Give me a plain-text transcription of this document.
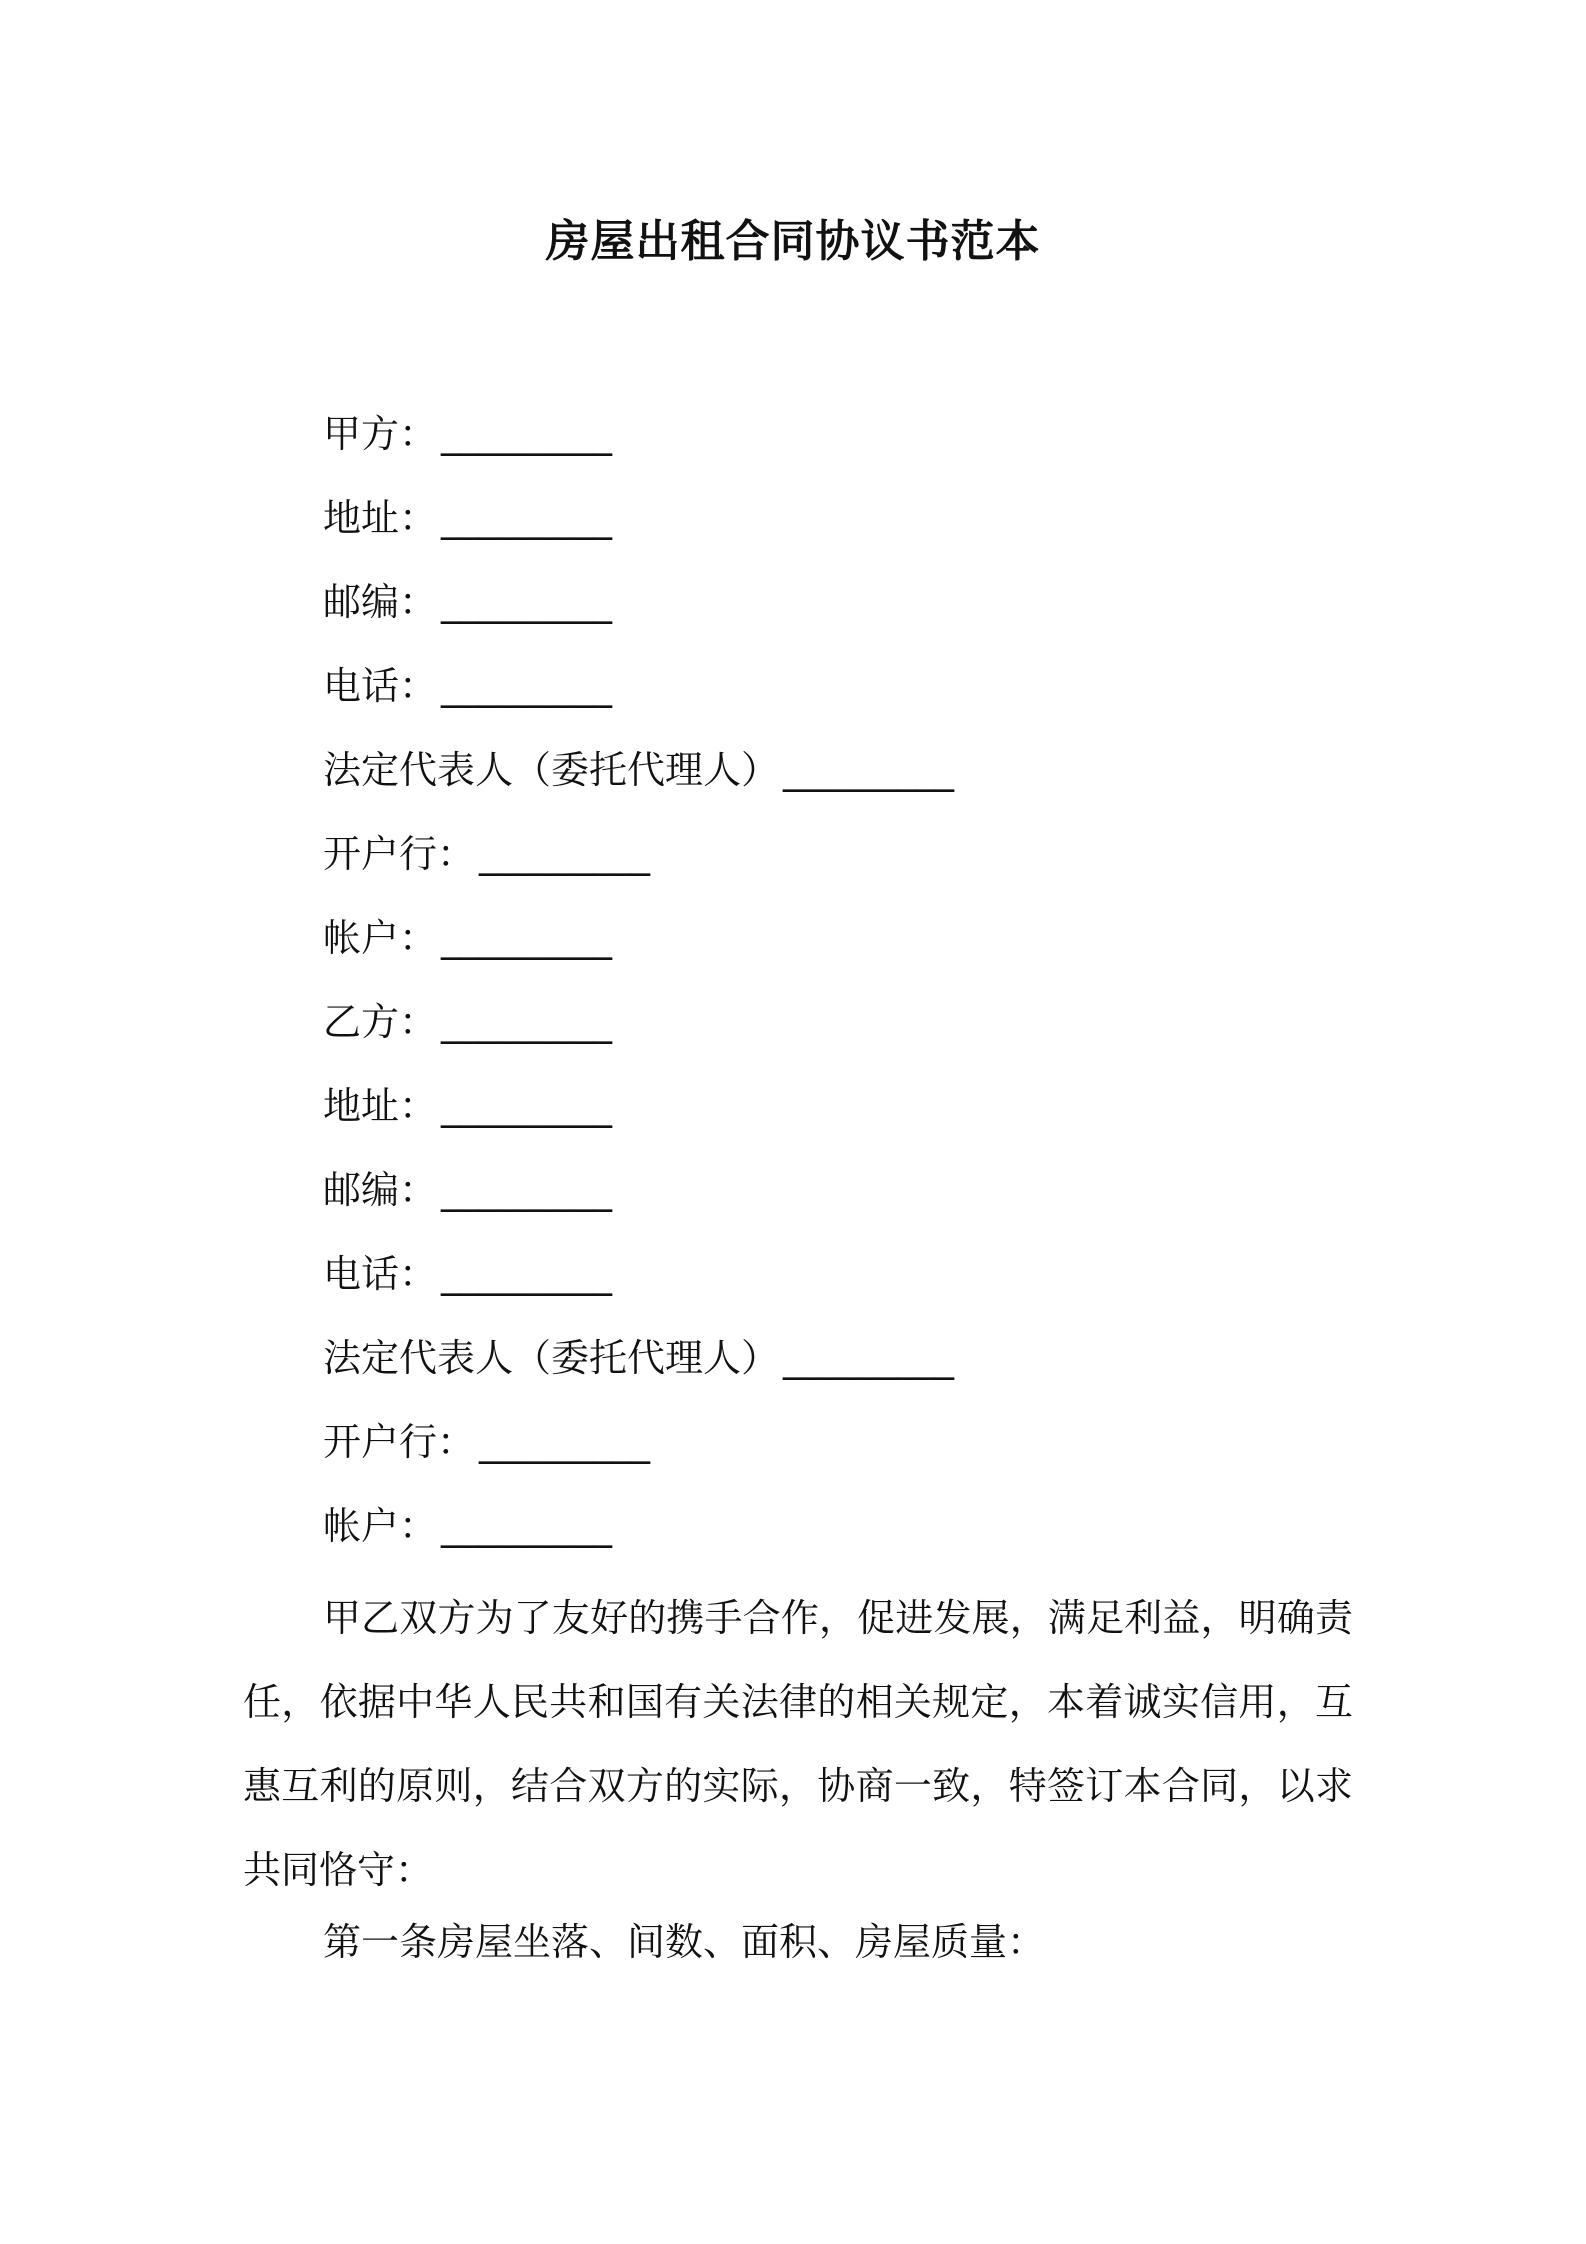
房屋出租合同协议书范本
甲方： _________
地址： _________
邮编： _________
电话： _________
法定代表人（委托代理人） _________
开户行： _________
帐户： _________
乙方： _________
地址： _________
邮编： _________
电话： _________
法定代表人（委托代理人） _________
开户行： _________
帐户： _________

甲乙双方为了友好的携手合作，促进发展，满足利益，明确责任，依据中华人民共和国有关法律的相关规定，本着诚实信用，互惠互利的原则，结合双方的实际，协商一致，特签订本合同，以求共同恪守：

第一条房屋坐落、间数、面积、房屋质量：
